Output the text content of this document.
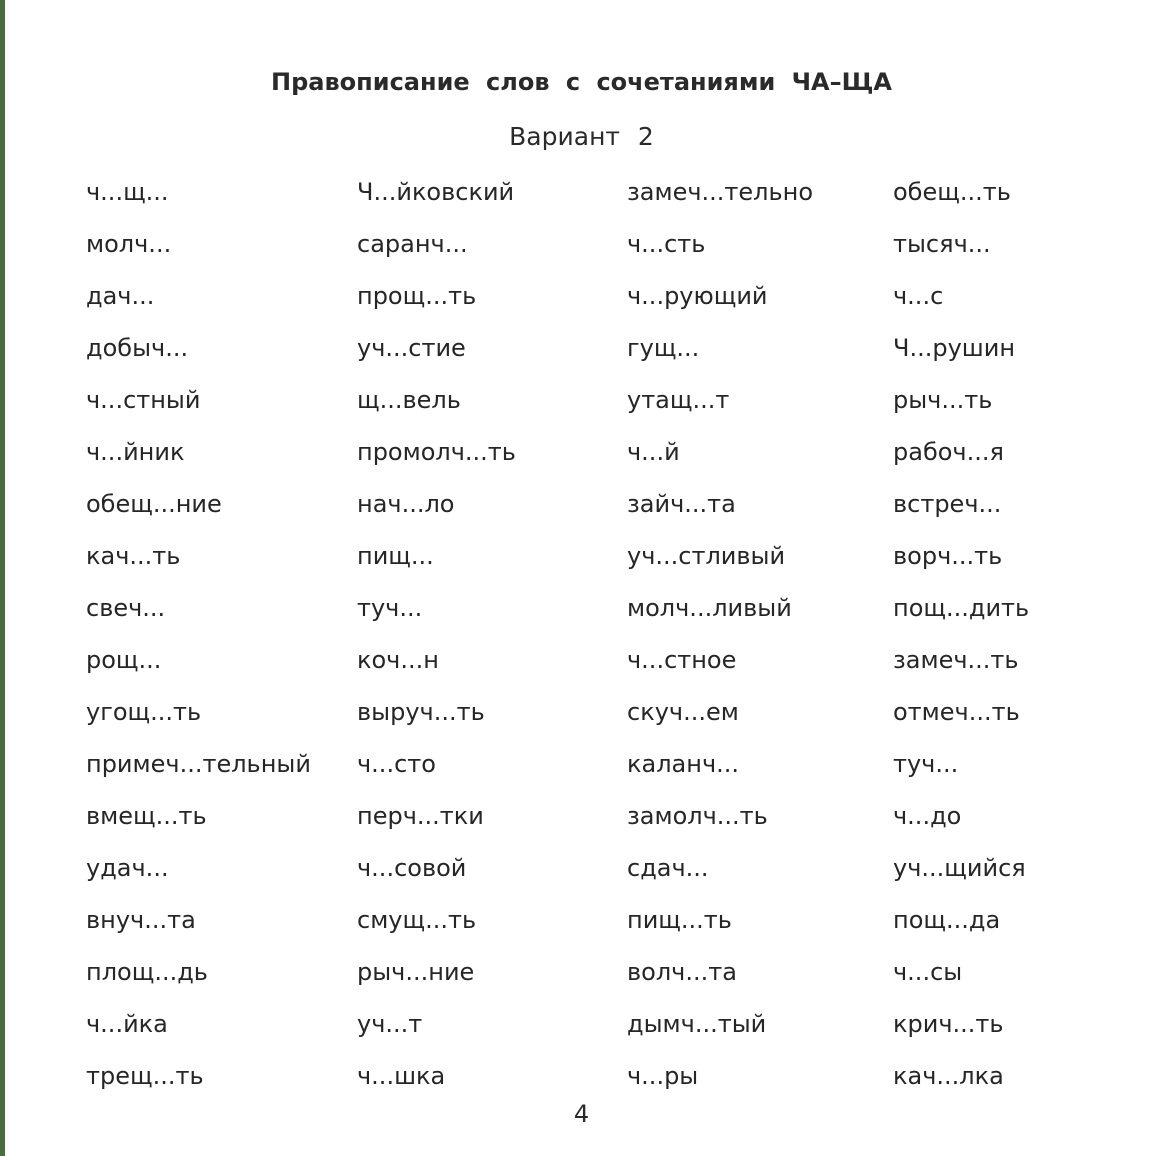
Правописание слов с сочетаниями ЧА–ЩА
Вариант 2
ч...щ...
молч...
дач...
добыч...
ч...стный
ч...йник
обещ...ние
кач...ть
свеч...
рощ...
угощ...ть
примеч...тельный
вмещ...ть
удач...
внуч...та
площ...дь
ч...йка
трещ...ть
Ч...йковский
саранч...
прощ...ть
уч...стие
щ...вель
промолч...ть
нач...ло
пищ...
туч...
коч...н
выруч...ть
ч...сто
перч...тки
ч...совой
смущ...ть
рыч...ние
уч...т
ч...шка
замеч...тельно
ч...сть
ч...рующий
гущ...
утащ...т
ч...й
зайч...та
уч...стливый
молч...ливый
ч...стное
скуч...ем
каланч...
замолч...ть
сдач...
пищ...ть
волч...та
дымч...тый
ч...ры
обещ...ть
тысяч...
ч...с
Ч...рушин
рыч...ть
рабоч...я
встреч...
ворч...ть
пощ...дить
замеч...ть
отмеч...ть
туч...
ч...до
уч...щийся
пощ...да
ч...сы
крич...ть
кач...лка
4
